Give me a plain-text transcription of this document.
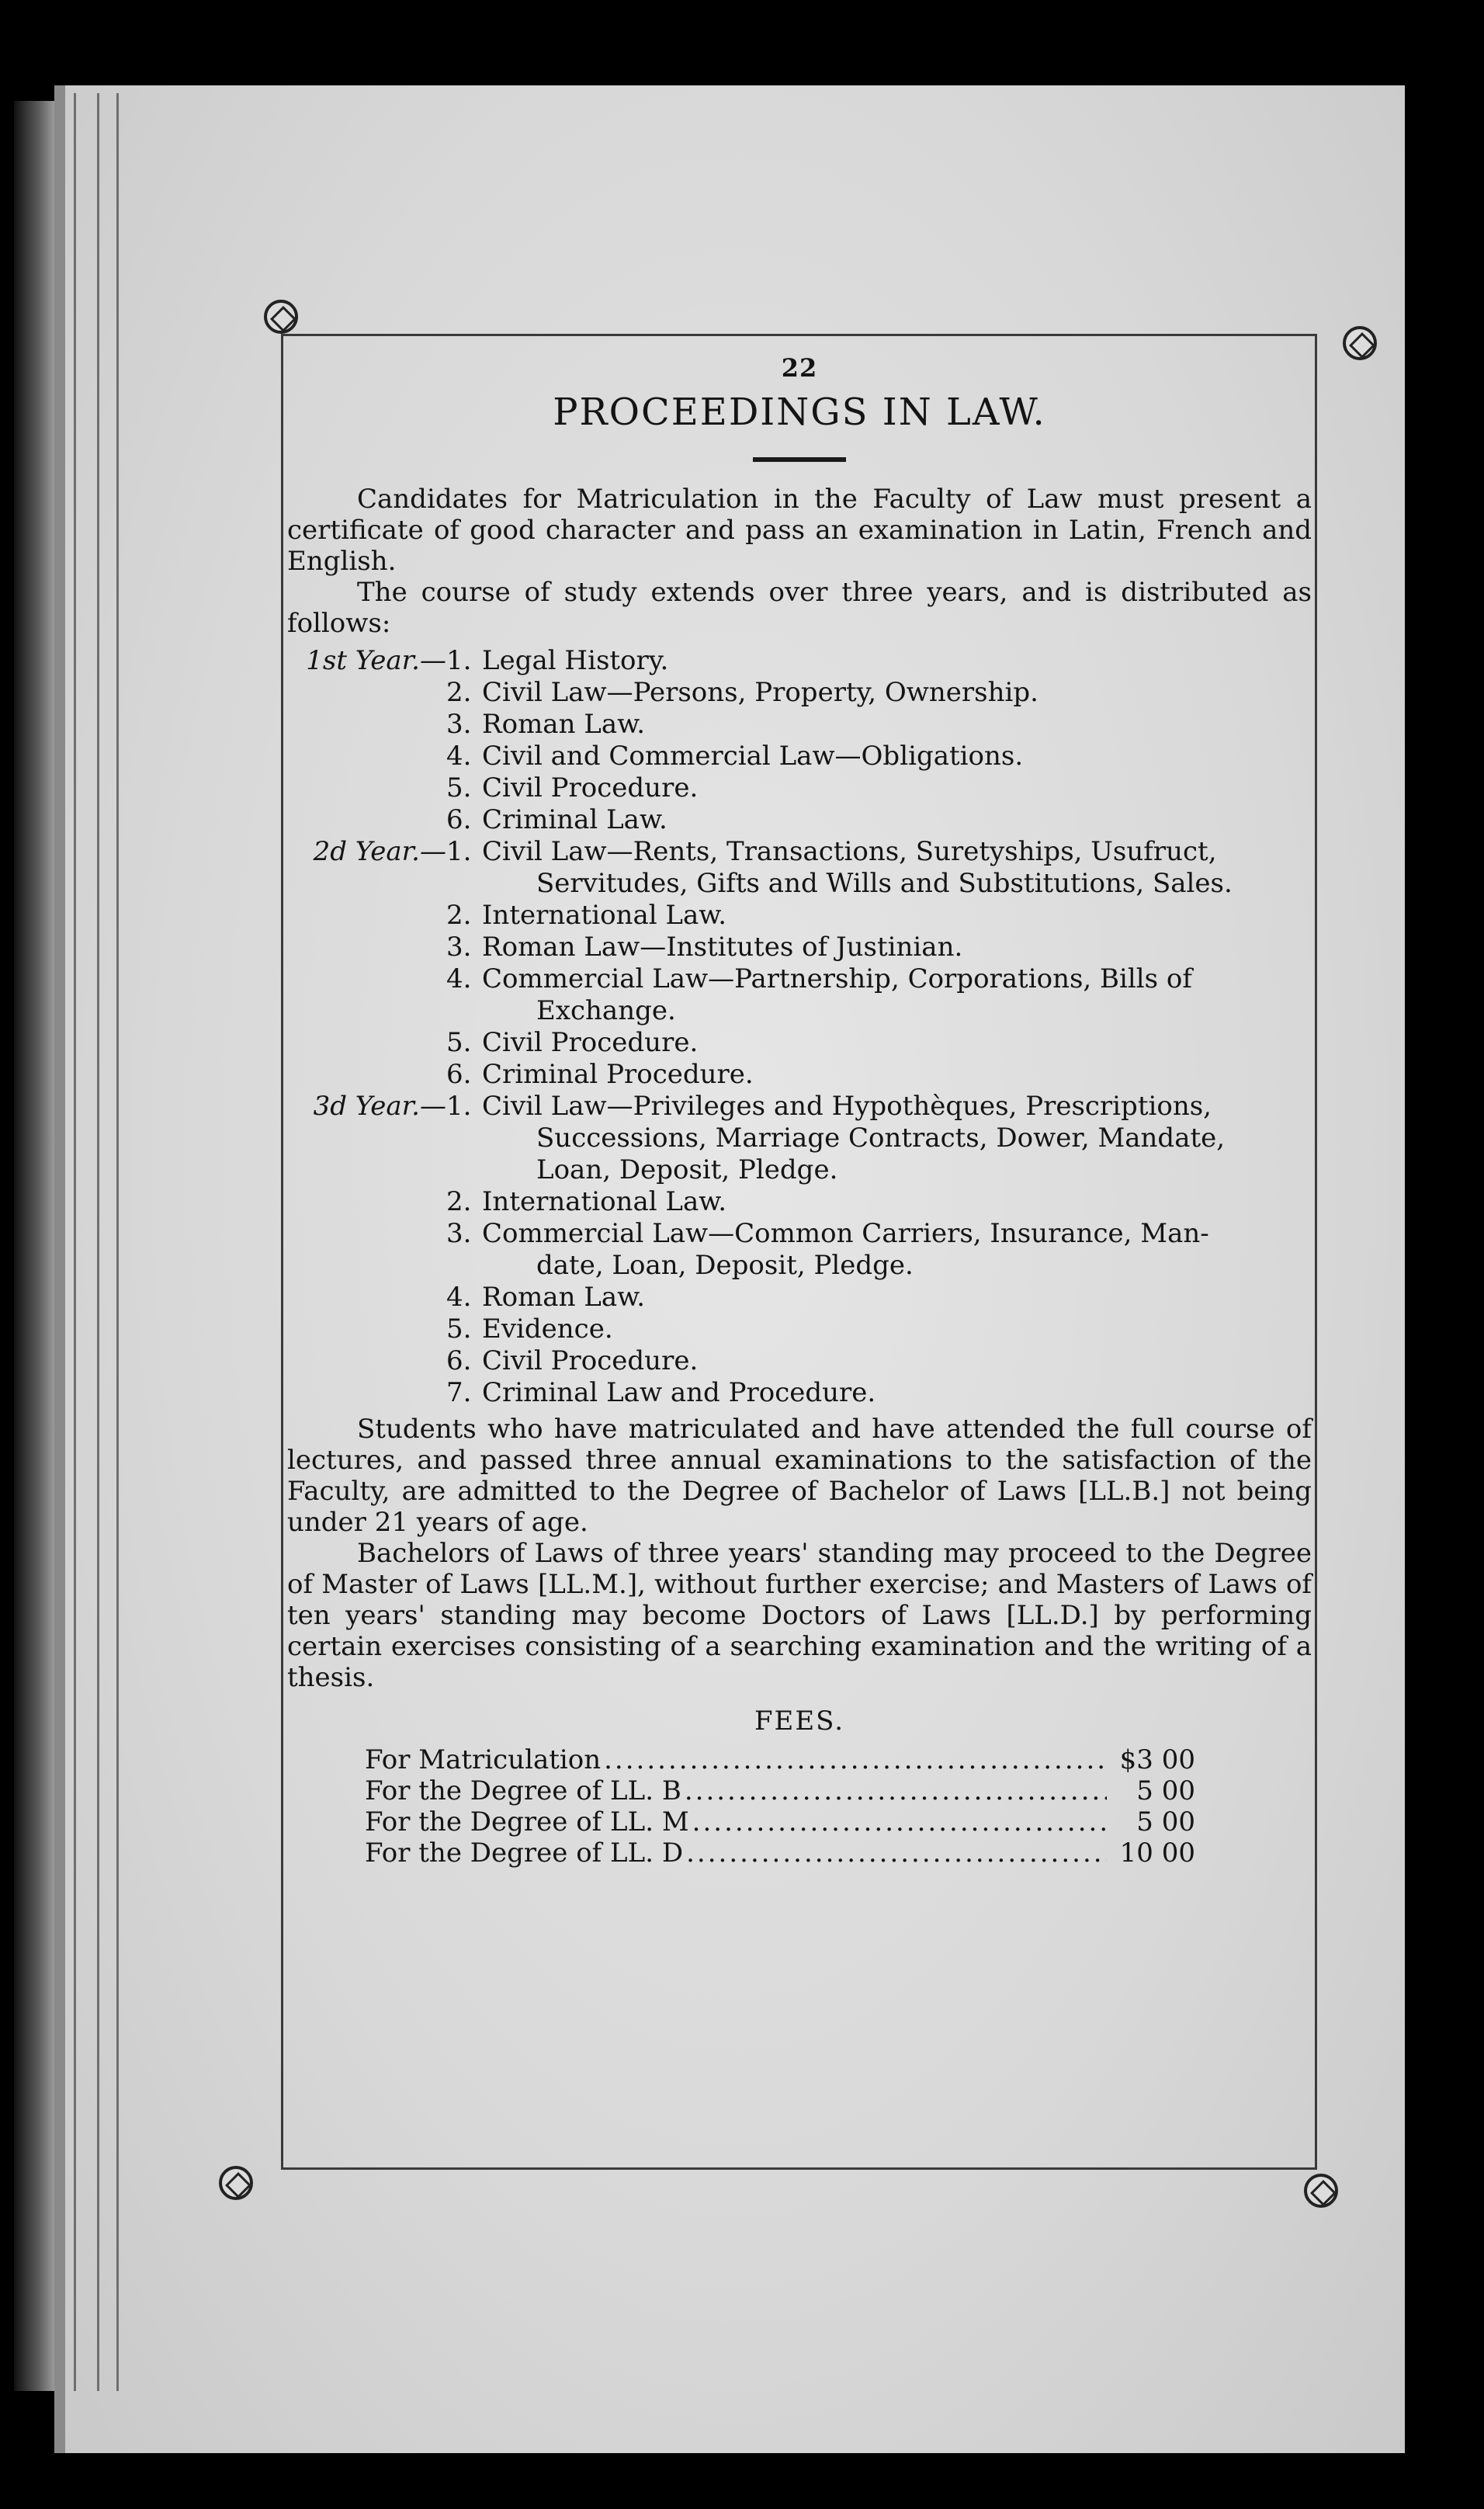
22
PROCEEDINGS IN LAW.

Candidates for Matriculation in the Faculty of Law must present a certificate of good character and pass an examination in Latin, French and English.

The course of study extends over three years, and is distributed as follows:

1st Year.— 1. Legal History.
2. Civil Law—Persons, Property, Ownership.
3. Roman Law.
4. Civil and Commercial Law—Obligations.
5. Civil Procedure.
6. Criminal Law.
2d Year.— 1. Civil Law—Rents, Transactions, Suretyships, Usufruct,
Servitudes, Gifts and Wills and Substitutions, Sales.
2. International Law.
3. Roman Law—Institutes of Justinian.
4. Commercial Law—Partnership, Corporations, Bills of
Exchange.
5. Civil Procedure.
6. Criminal Procedure.
3d Year.— 1. Civil Law—Privileges and Hypothèques, Prescriptions,
Successions, Marriage Contracts, Dower, Mandate, Loan, Deposit, Pledge.
2. International Law.
3. Commercial Law—Common Carriers, Insurance, Man-
date, Loan, Deposit, Pledge.
4. Roman Law.
5. Evidence.
6. Civil Procedure.
7. Criminal Law and Procedure.

Students who have matriculated and have attended the full course of lectures, and passed three annual examinations to the satisfaction of the Faculty, are admitted to the Degree of Bachelor of Laws [LL.B.] not being under 21 years of age.

Bachelors of Laws of three years' standing may proceed to the Degree of Master of Laws [LL.M.], without further exercise; and Masters of Laws of ten years' standing may become Doctors of Laws [LL.D.] by performing certain exercises consisting of a searching examination and the writing of a thesis.

FEES.
For Matriculation .....	$3 00
For the Degree of LL. B .....	5 00
For the Degree of LL. M .....	5 00
For the Degree of LL. D .....	10 00
